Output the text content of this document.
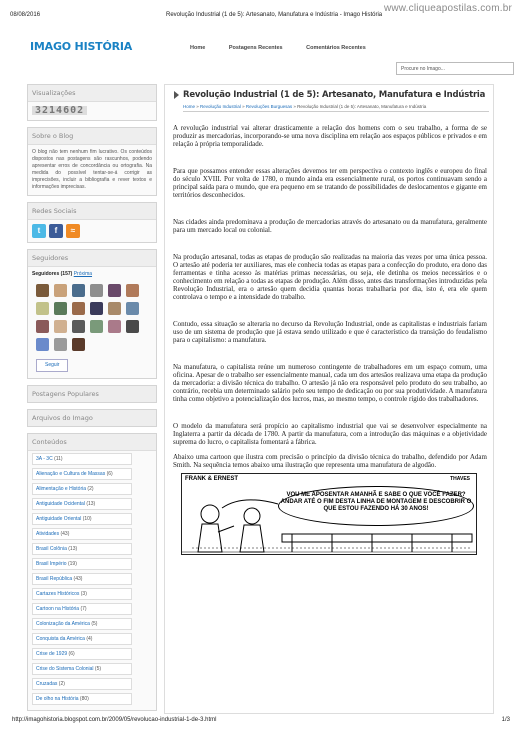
08/08/2016	Revolução Industrial (1 de 5): Artesanato, Manufatura e Indústria - Imago História
www.cliqueapostilas.com.br
IMAGO HISTÓRIA	Home	Postagens Recentes	Comentários Recentes
Procure no Imago...
Visualizações
3214602
Sobre o Blog
O blog não tem nenhum fim lucrativo. Os conteúdos dispostos nas postagens são rascunhos, podendo apresentar erros de concordância ou ortografia. Na medida do possível tentar-se-á corrigir as imprecisões, incluir a bibliografia e rever textos e informações imprecisas.
Redes Sociais
t	f	≈
Seguidores
Seguidores (157) Próxima
Seguir
Postagens Populares
Arquivos do Imago
Conteúdos
3A - 3C (11)
Alienação e Cultura de Massas (6)
Alimentação e História (2)
Antiguidade Ocidental (13)
Antiguidade Oriental (10)
Atividades (43)
Brasil Colônia (13)
Brasil Império (19)
Brasil República (43)
Cartazes Históricos (3)
Cartoon na História (7)
Colonização da América (5)
Conquista da América (4)
Crise de 1929 (6)
Crise do Sistema Colonial (5)
Cruzadas (2)
De olho na História (80)
Revolução Industrial (1 de 5): Artesanato, Manufatura e Indústria
Home » Revolução Industrial » Revoluções Burguesas » Revolução Industrial (1 de 5): Artesanato, Manufatura e Indústria

A revolução industrial vai alterar drasticamente a relação dos homens com o seu trabalho, a forma de se produzir as mercadorias, incorporando-se uma nova disciplina em relação aos espaços públicos e privados e em relação à própria temporalidade.

Para que possamos entender essas alterações devemos ter em perspectiva o contexto inglês e europeu do final do século XVIII. Por volta de 1780, o mundo ainda era essencialmente rural, os portos continuavam sendo a principal saída para o mundo, que era pequeno em se tratando de possibilidades de deslocamentos e gigante em territórios desconhecidos.

Nas cidades ainda predominava a produção de mercadorias através do artesanato ou da manufatura, geralmente para um mercado local ou colonial.

Na produção artesanal, todas as etapas de produção são realizadas na maioria das vezes por uma única pessoa. O artesão até poderia ter auxiliares, mas ele conhecia todas as etapas para a confecção do produto, era dono das ferramentas e tinha acesso às matérias primas necessárias, ou seja, ele detinha os meios necessários e o conhecimento em relação a todas as etapas de produção. Além disso, antes das transformações introduzidas pela Revolução Industrial, era o artesão quem decidia quantas horas trabalharia por dia, isto é, era ele quem controlava o tempo e a intensidade do trabalho.

Contudo, essa situação se alteraria no decurso da Revolução Industrial, onde as capitalistas e industriais fariam uso de um sistema de produção que já estava sendo utilizado e que é característico da transição do feudalismo para o capitalismo: a manufatura.

Na manufatura, o capitalista reúne um numeroso contingente de trabalhadores em um espaço comum, uma oficina. Apesar de o trabalho ser essencialmente manual, cada um dos artesãos realizava uma etapa da produção da mercadoria: a divisão técnica do trabalho. O artesão já não era responsável pelo produto do seu trabalho, ao contrário, recebia um determinado salário pelo seu tempo de dedicação ou por sua produtividade. A manufatura tinha como objetivo a potencialização dos lucros, mas, ao mesmo tempo, o controle rígido dos trabalhadores.

O modelo da manufatura será propício ao capitalismo industrial que vai se desenvolver especialmente na Inglaterra a partir da década de 1780. A partir da manufatura, com a introdução das máquinas e a objetividade suprema do lucro, o capitalista fomentará a fábrica.

Abaixo uma cartoon que ilustra com precisão o princípio da divisão técnica do trabalho, defendido por Adam Smith. Na sequência temos abaixo uma ilustração que representa uma manufatura de algodão.

FRANK & ERNEST	THAVES
VOU ME APOSENTAR AMANHÃ E SABE O QUE VOCÊ FAZER? ANDAR ATÉ O FIM DESTA LINHA DE MONTAGEM E DESCOBRIR O QUE ESTOU FAZENDO HÁ 30 ANOS!
http://imagohistoria.blogspot.com.br/2009/05/revolucao-industrial-1-de-3.html	1/3
